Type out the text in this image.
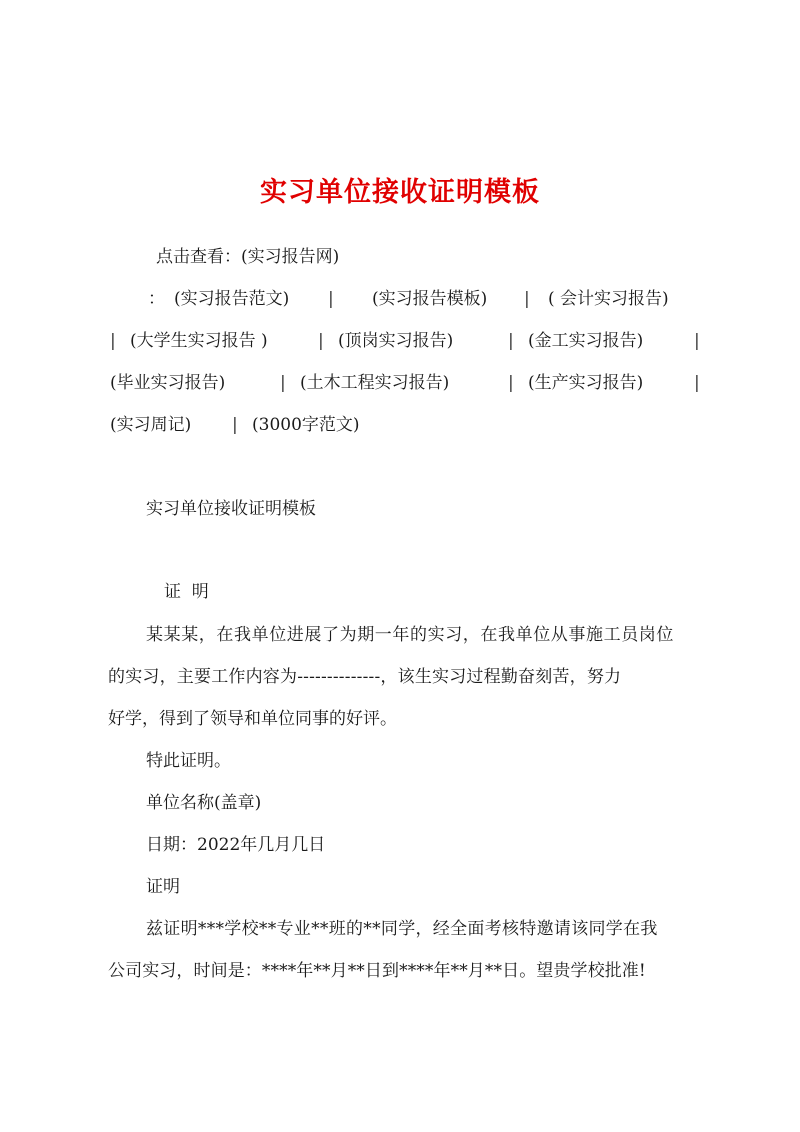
实习单位接收证明模板
点击查看：(实习报告网)
： (实习报告范文) | (实习报告模板) | ( 会计实习报告)
| (大学生实习报告 )	| (顶岗实习报告)	| (金工实习报告)	|
(毕业实习报告)	| (土木工程实习报告)	| (生产实习报告)	|
(实习周记) | (3000字范文)
实习单位接收证明模板
证  明
某某某，在我单位进展了为期一年的实习，在我单位从事施工员岗位
的实习，主要工作内容为--------------，该生实习过程勤奋刻苦，努力
好学，得到了领导和单位同事的好评。
特此证明。
单位名称(盖章)
日期：2022年几月几日
证明
兹证明***学校**专业**班的**同学，经全面考核特邀请该同学在我
公司实习，时间是：****年**月**日到****年**月**日。望贵学校批准!
